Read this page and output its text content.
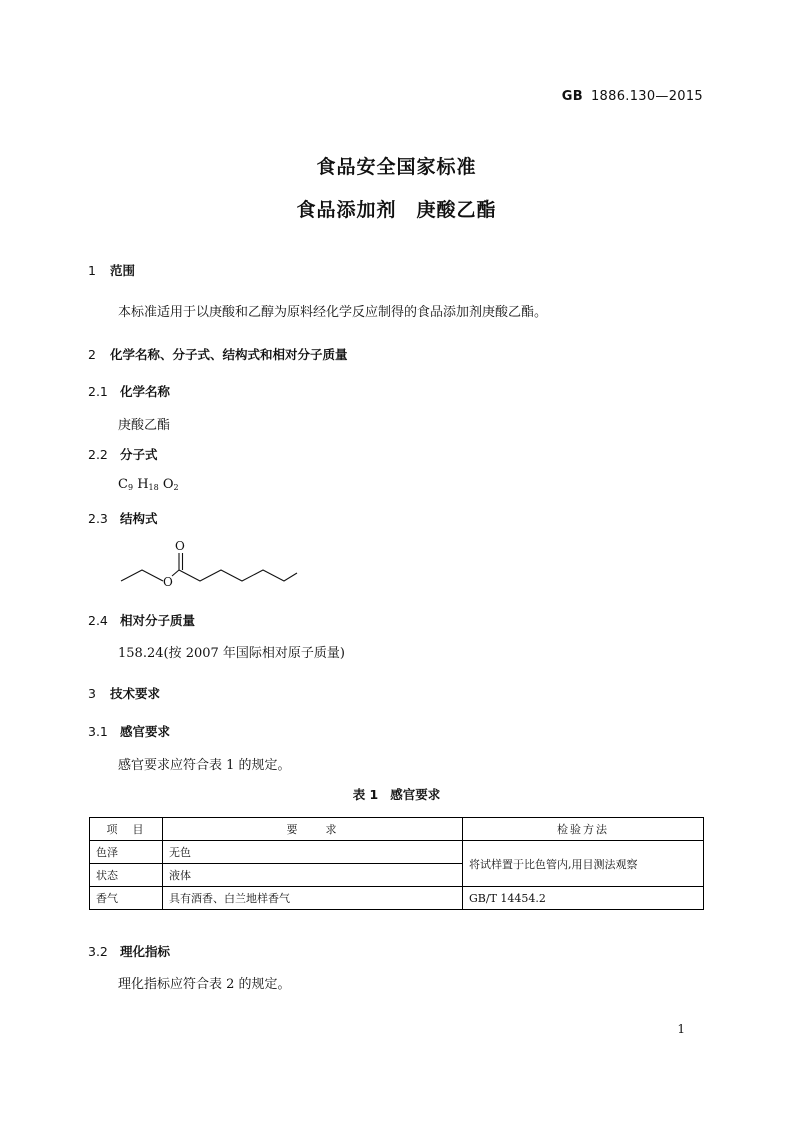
GB 1886.130—2015
食品安全国家标准
食品添加剂　庚酸乙酯
1 范围
本标准适用于以庚酸和乙醇为原料经化学反应制得的食品添加剂庚酸乙酯。
2 化学名称、分子式、结构式和相对分子质量
2.1 化学名称
庚酸乙酯
2.2 分子式
$C_9$ $H_{18}$ $O_2$
2.3 结构式
O
O
2.4 相对分子质量
158.24(按 2007 年国际相对原子质量)
3 技术要求
3.1 感官要求
感官要求应符合表 1 的规定。
表 1 感官要求
项　目	要　　求	检验方法
色泽	无色	将试样置于比色管内,用目测法观察
状态	液体	
香气	具有酒香、白兰地样香气	GB/T 14454.2
3.2 理化指标
理化指标应符合表 2 的规定。
1
